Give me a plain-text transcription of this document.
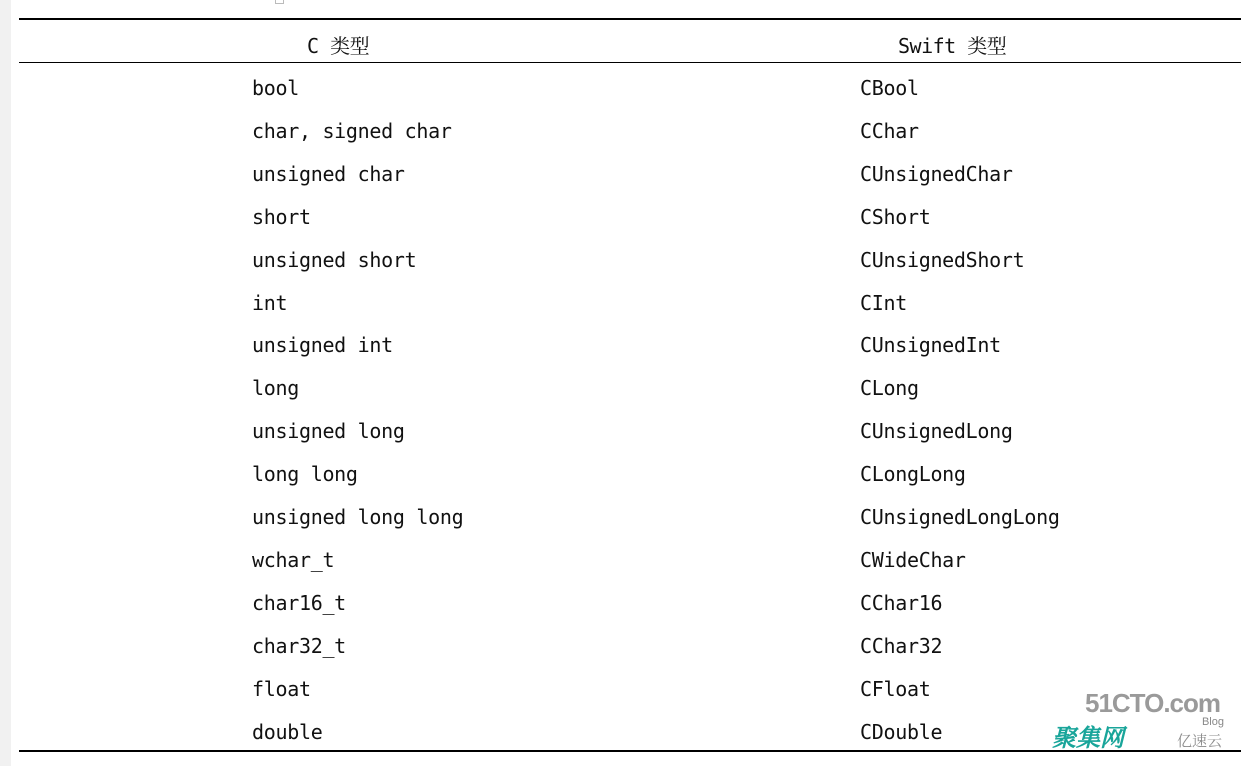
C 类型	Swift 类型
bool	CBool
char, signed char	CChar
unsigned char	CUnsignedChar
short	CShort
unsigned short	CUnsignedShort
int	CInt
unsigned int	CUnsignedInt
long	CLong
unsigned long	CUnsignedLong
long long	CLongLong
unsigned long long	CUnsignedLongLong
wchar_t	CWideChar
char16_t	CChar16
char32_t	CChar32
float	CFloat
double	CDouble
51CTO.com
Blog
聚集网	亿速云
